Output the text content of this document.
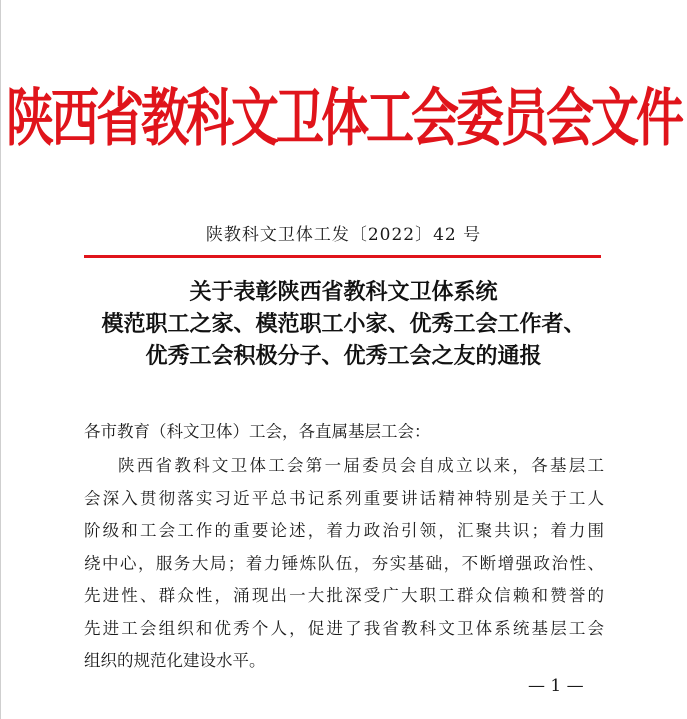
陕西省教科文卫体工会委员会文件
陕教科文卫体工发〔2022〕42 号
关于表彰陕西省教科文卫体系统
模范职工之家、模范职工小家、优秀工会工作者、
优秀工会积极分子、优秀工会之友的通报
各市教育（科文卫体）工会，各直属基层工会：
陕西省教科文卫体工会第一届委员会自成立以来，各基层工
会深入贯彻落实习近平总书记系列重要讲话精神特别是关于工人
阶级和工会工作的重要论述，着力政治引领，汇聚共识；着力围
绕中心，服务大局；着力锤炼队伍，夯实基础，不断增强政治性、
先进性、群众性，涌现出一大批深受广大职工群众信赖和赞誉的
先进工会组织和优秀个人，促进了我省教科文卫体系统基层工会
组织的规范化建设水平。
— 1 —
